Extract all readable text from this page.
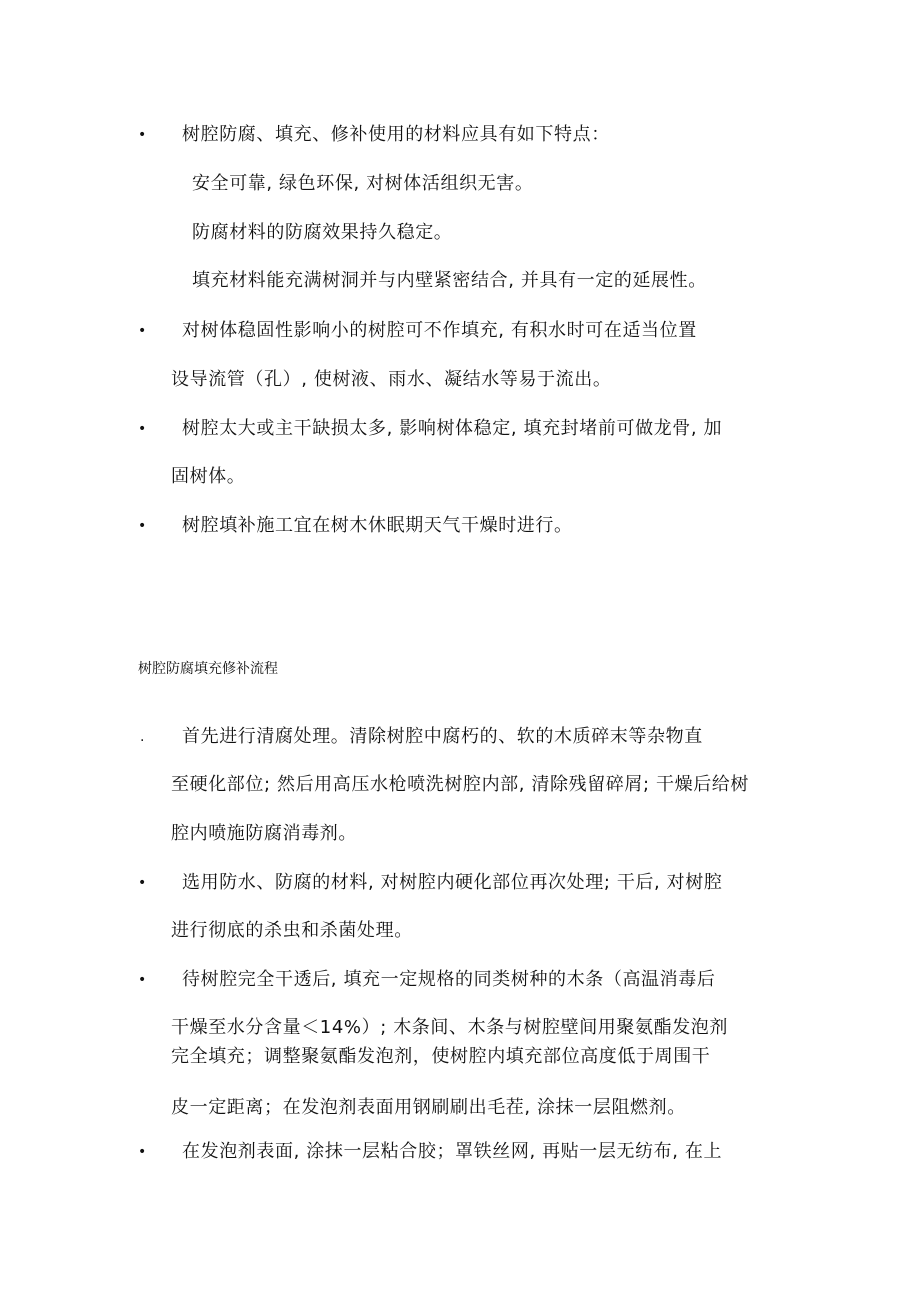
• 树腔防腐、填充、修补使用的材料应具有如下特点：
安全可靠, 绿色环保, 对树体活组织无害。
防腐材料的防腐效果持久稳定。
填充材料能充满树洞并与内壁紧密结合, 并具有一定的延展性。
• 对树体稳固性影响小的树腔可不作填充, 有积水时可在适当位置
设导流管（孔）, 使树液、雨水、凝结水等易于流出。
• 树腔太大或主干缺损太多, 影响树体稳定, 填充封堵前可做龙骨, 加
固树体。
• 树腔填补施工宜在树木休眠期天气干燥时进行。
树腔防腐填充修补流程
. 首先进行清腐处理。清除树腔中腐朽的、软的木质碎末等杂物直
至硬化部位; 然后用高压水枪喷洗树腔内部, 清除残留碎屑; 干燥后给树
腔内喷施防腐消毒剂。
• 选用防水、防腐的材料, 对树腔内硬化部位再次处理; 干后, 对树腔
进行彻底的杀虫和杀菌处理。
• 待树腔完全干透后, 填充一定规格的同类树种的木条（高温消毒后
干燥至水分含量＜14%）; 木条间、木条与树腔壁间用聚氨酯发泡剂
完全填充；调整聚氨酯发泡剂，使树腔内填充部位高度低于周围干
皮一定距离；在发泡剂表面用钢刷刷出毛茬, 涂抹一层阻燃剂。
• 在发泡剂表面, 涂抹一层粘合胶；罩铁丝网, 再贴一层无纺布, 在上
